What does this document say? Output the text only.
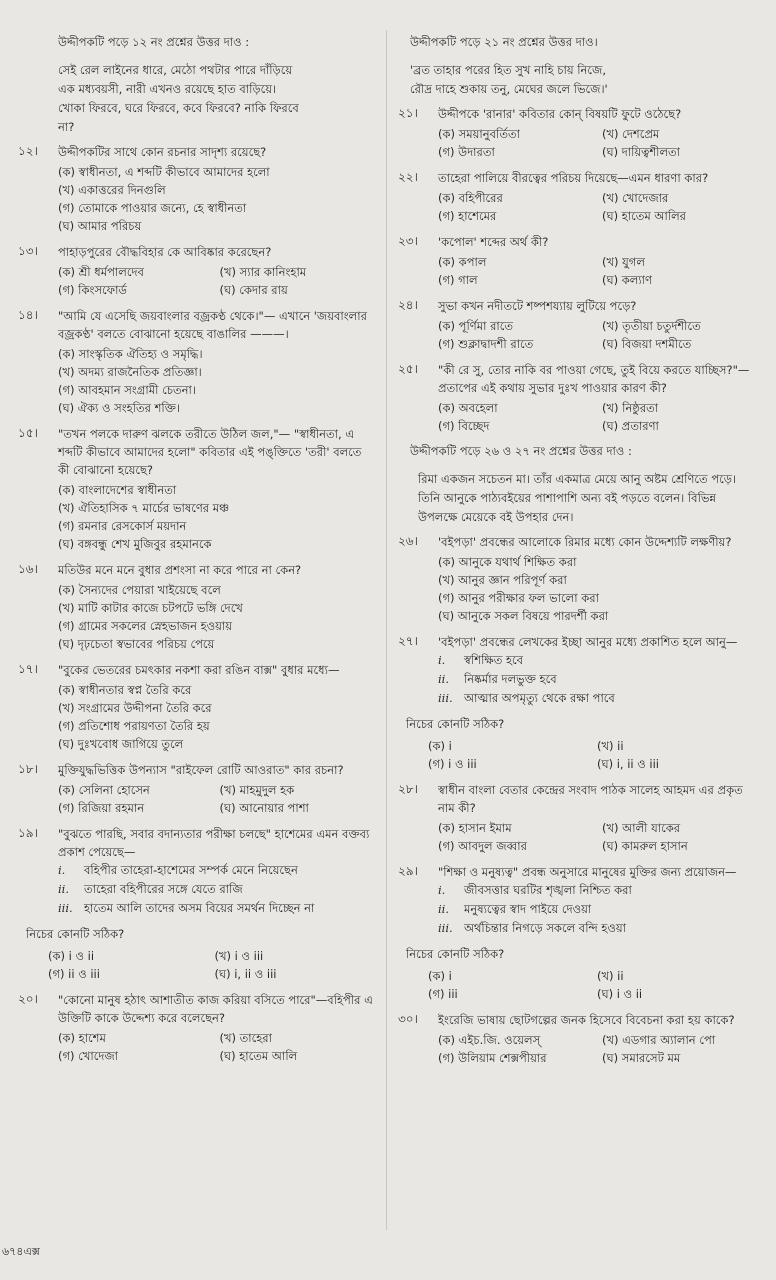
উদ্দীপকটি পড়ে ১২ নং প্রশ্নের উত্তর দাও :
সেই রেল লাইনের ধারে, মেঠো পথটার পারে দাঁড়িয়ে
এক মধ্যবয়সী, নারী এখনও রয়েছে হাত বাড়িয়ে।
খোকা ফিরবে, ঘরে ফিরবে, কবে ফিরবে? নাকি ফিরবে
না?
১২।	উদ্দীপকটির সাথে কোন রচনার সাদৃশ্য রয়েছে?
(ক) স্বাধীনতা, এ শব্দটি কীভাবে আমাদের হলো
(খ) একাত্তরের দিনগুলি
(গ) তোমাকে পাওয়ার জন্যে, হে স্বাধীনতা
(ঘ) আমার পরিচয়
১৩।	পাহাড়পুরের বৌদ্ধবিহার কে আবিষ্কার করেছেন?
(ক) শ্রী ধর্মপালদেব	(খ) স্যার কানিংহাম
(গ) কিংসফোর্ড	(ঘ) কেদার রায়
১৪।	"আমি যে এসেছি জয়বাংলার বজ্রকণ্ঠ থেকে।"— এখানে 'জয়বাংলার বজ্রকণ্ঠ' বলতে বোঝানো হয়েছে বাঙালির ———।
(ক) সাংস্কৃতিক ঐতিহ্য ও সমৃদ্ধি।
(খ) অদম্য রাজনৈতিক প্রতিজ্ঞা।
(গ) আবহমান সংগ্রামী চেতনা।
(ঘ) ঐক্য ও সংহতির শক্তি।
১৫।	"তখন পলকে দারুণ ঝলকে তরীতে উঠিল জল,"— "স্বাধীনতা, এ শব্দটি কীভাবে আমাদের হলো" কবিতার এই পঙ্‌ক্তিতে 'তরী' বলতে কী বোঝানো হয়েছে?
(ক) বাংলাদেশের স্বাধীনতা
(খ) ঐতিহাসিক ৭ মার্চের ভাষণের মঞ্চ
(গ) রমনার রেসকোর্স ময়দান
(ঘ) বঙ্গবন্ধু শেখ মুজিবুর রহমানকে
১৬।	মতিউর মনে মনে বুধার প্রশংসা না করে পারে না কেন?
(ক) সৈন্যদের পেয়ারা খাইয়েছে বলে
(খ) মাটি কাটার কাজে চটপটে ভঙ্গি দেখে
(গ) গ্রামের সকলের স্নেহভাজন হওয়ায়
(ঘ) দৃঢ়চেতা স্বভাবের পরিচয় পেয়ে
১৭।	"বুকের ভেতরের চমৎকার নকশা করা রঙিন বাক্স" বুধার মধ্যে—
(ক) স্বাধীনতার স্বপ্ন তৈরি করে
(খ) সংগ্রামের উদ্দীপনা তৈরি করে
(গ) প্রতিশোধ পরায়ণতা তৈরি হয়
(ঘ) দুঃখবোধ জাগিয়ে তুলে
১৮।	মুক্তিযুদ্ধভিত্তিক উপন্যাস "রাইফেল রোটি আওরাত" কার রচনা?
(ক) সেলিনা হোসেন	(খ) মাহমুদুল হক
(গ) রিজিয়া রহমান	(ঘ) আনোয়ার পাশা
১৯।	"বুঝতে পারছি, সবার বদান্যতার পরীক্ষা চলছে" হাশেমের এমন বক্তব্য প্রকাশ পেয়েছে—
i.	বহিপীর তাহেরা-হাশেমের সম্পর্ক মেনে নিয়েছেন
ii.	তাহেরা বহিপীরের সঙ্গে যেতে রাজি
iii. হাতেম আলি তাদের অসম বিয়ের সমর্থন দিচ্ছেন না
নিচের কোনটি সঠিক?
(ক) i ও ii	(খ) i ও iii
(গ) ii ও iii	(ঘ) i, ii ও iii
২০।	"কোনো মানুষ হঠাৎ আশাতীত কাজ করিয়া বসিতে পারে"—বহিপীর এ উক্তিটি কাকে উদ্দেশ্য করে বলেছেন?
(ক) হাশেম	(খ) তাহেরা
(গ) খোদেজা	(ঘ) হাতেম আলি
উদ্দীপকটি পড়ে ২১ নং প্রশ্নের উত্তর দাও।
'ব্রত তাহার পরের হিত সুখ নাহি চায় নিজে,
রৌদ্র দাহে শুকায় তনু, মেঘের জলে ভিজে।'
২১।	উদ্দীপকে 'রানার' কবিতার কোন্ বিষয়টি ফুটে ওঠেছে?
(ক) সময়ানুবর্তিতা	(খ) দেশপ্রেম
(গ) উদারতা	(ঘ) দায়িত্বশীলতা
২২।	তাহেরা পালিয়ে বীরত্বের পরিচয় দিয়েছে—এমন ধারণা কার?
(ক) বহিপীরের	(খ) খোদেজার
(গ) হাশেমের	(ঘ) হাতেম আলির
২৩।	'কপোল' শব্দের অর্থ কী?
(ক) কপাল	(খ) যুগল
(গ) গাল	(ঘ) কল্যাণ
২৪।	সুভা কখন নদীতটে শষ্পশয্যায় লুটিয়ে পড়ে?
(ক) পূর্ণিমা রাতে	(খ) তৃতীয়া চতুর্দশীতে
(গ) শুক্লাদ্বাদশী রাতে	(ঘ) বিজয়া দশমীতে
২৫।	"কী রে সু, তোর নাকি বর পাওয়া গেছে, তুই বিয়ে করতে যাচ্ছিস?"—প্রতাপের এই কথায় সুভার দুঃখ পাওয়ার কারণ কী?
(ক) অবহেলা	(খ) নিষ্ঠুরতা
(গ) বিচ্ছেদ	(ঘ) প্রতারণা
উদ্দীপকটি পড়ে ২৬ ও ২৭ নং প্রশ্নের উত্তর দাও :
রিমা একজন সচেতন মা। তাঁর একমাত্র মেয়ে আনু অষ্টম শ্রেণিতে পড়ে। তিনি আনুকে পাঠ্যবইয়ের পাশাপাশি অন্য বই পড়তে বলেন। বিভিন্ন উপলক্ষে মেয়েকে বই উপহার দেন।
২৬।	'বইপড়া' প্রবন্ধের আলোকে রিমার মধ্যে কোন উদ্দেশ্যটি লক্ষণীয়?
(ক) আনুকে যথার্থ শিক্ষিত করা
(খ) আনুর জ্ঞান পরিপূর্ণ করা
(গ) আনুর পরীক্ষার ফল ভালো করা
(ঘ) আনুকে সকল বিষয়ে পারদর্শী করা
২৭।	'বইপড়া' প্রবন্ধের লেখকের ইচ্ছা আনুর মধ্যে প্রকাশিত হলে আনু—
i.	স্বশিক্ষিত হবে
ii.	নিষ্কর্মার দলভুক্ত হবে
iii. আত্মার অপমৃত্যু থেকে রক্ষা পাবে
নিচের কোনটি সঠিক?
(ক) i	(খ) ii
(গ) i ও iii	(ঘ) i, ii ও iii
২৮।	স্বাধীন বাংলা বেতার কেন্দ্রের সংবাদ পাঠক সালেহ আহমদ এর প্রকৃত নাম কী?
(ক) হাসান ইমাম	(খ) আলী যাকের
(গ) আবদুল জব্বার	(ঘ) কামরুল হাসান
২৯।	"শিক্ষা ও মনুষ্যত্ব" প্রবন্ধ অনুসারে মানুষের মুক্তির জন্য প্রয়োজন—
i.	জীবসত্তার ঘরটির শৃঙ্খলা নিশ্চিত করা
ii.	মনুষ্যত্বের স্বাদ পাইয়ে দেওয়া
iii. অর্থচিন্তার নিগড়ে সকলে বন্দি হওয়া
নিচের কোনটি সঠিক?
(ক) i	(খ) ii
(গ) iii	(ঘ) i ও ii
৩০।	ইংরেজি ভাষায় ছোটগল্পের জনক হিসেবে বিবেচনা করা হয় কাকে?
(ক) এইচ.জি. ওয়েলস্	(খ) এডগার অ্যালান পো
(গ) উলিয়াম শেক্সপীয়ার	(ঘ) সমারসেট মম
৬৭৪এক্স
